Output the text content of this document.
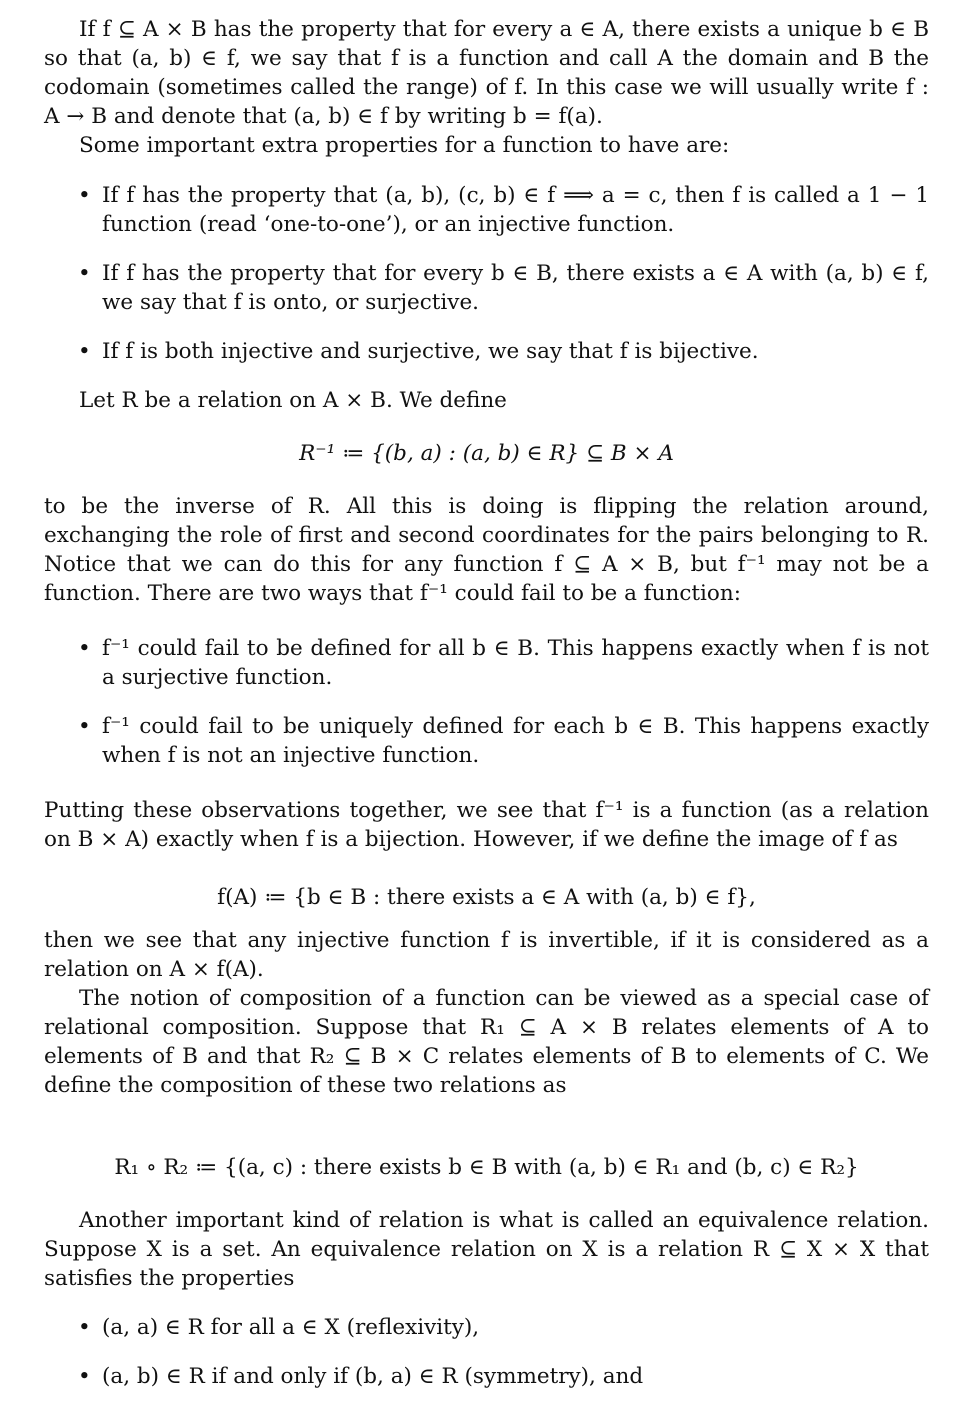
If f ⊆ A × B has the property that for every a ∈ A, there exists a unique b ∈ B so that (a, b) ∈ f, we say that f is a function and call A the domain and B the codomain (sometimes called the range) of f. In this case we will usually write f : A → B and denote that (a, b) ∈ f by writing b = f(a).

Some important extra properties for a function to have are:

• If f has the property that (a, b), (c, b) ∈ f ⟹ a = c, then f is called a 1 − 1 function (read ‘one-to-one’), or an injective function.
• If f has the property that for every b ∈ B, there exists a ∈ A with (a, b) ∈ f, we say that f is onto, or surjective.
• If f is both injective and surjective, we say that f is bijective.

Let R be a relation on A × B. We define

R⁻¹ ≔ {(b, a) : (a, b) ∈ R} ⊆ B × A

to be the inverse of R. All this is doing is flipping the relation around, exchanging the role of first and second coordinates for the pairs belonging to R. Notice that we can do this for any function f ⊆ A × B, but f⁻¹ may not be a function. There are two ways that f⁻¹ could fail to be a function:

• f⁻¹ could fail to be defined for all b ∈ B. This happens exactly when f is not a surjective function.
• f⁻¹ could fail to be uniquely defined for each b ∈ B. This happens exactly when f is not an injective function.

Putting these observations together, we see that f⁻¹ is a function (as a relation on B × A) exactly when f is a bijection. However, if we define the image of f as

f(A) ≔ {b ∈ B : there exists a ∈ A with (a, b) ∈ f},

then we see that any injective function f is invertible, if it is considered as a relation on A × f(A).

The notion of composition of a function can be viewed as a special case of relational composition. Suppose that R₁ ⊆ A × B relates elements of A to elements of B and that R₂ ⊆ B × C relates elements of B to elements of C. We define the composition of these two relations as

R₁ ∘ R₂ ≔ {(a, c) : there exists b ∈ B with (a, b) ∈ R₁ and (b, c) ∈ R₂}

Another important kind of relation is what is called an equivalence relation. Suppose X is a set. An equivalence relation on X is a relation R ⊆ X × X that satisfies the properties

• (a, a) ∈ R for all a ∈ X (reflexivity),
• (a, b) ∈ R if and only if (b, a) ∈ R (symmetry), and
